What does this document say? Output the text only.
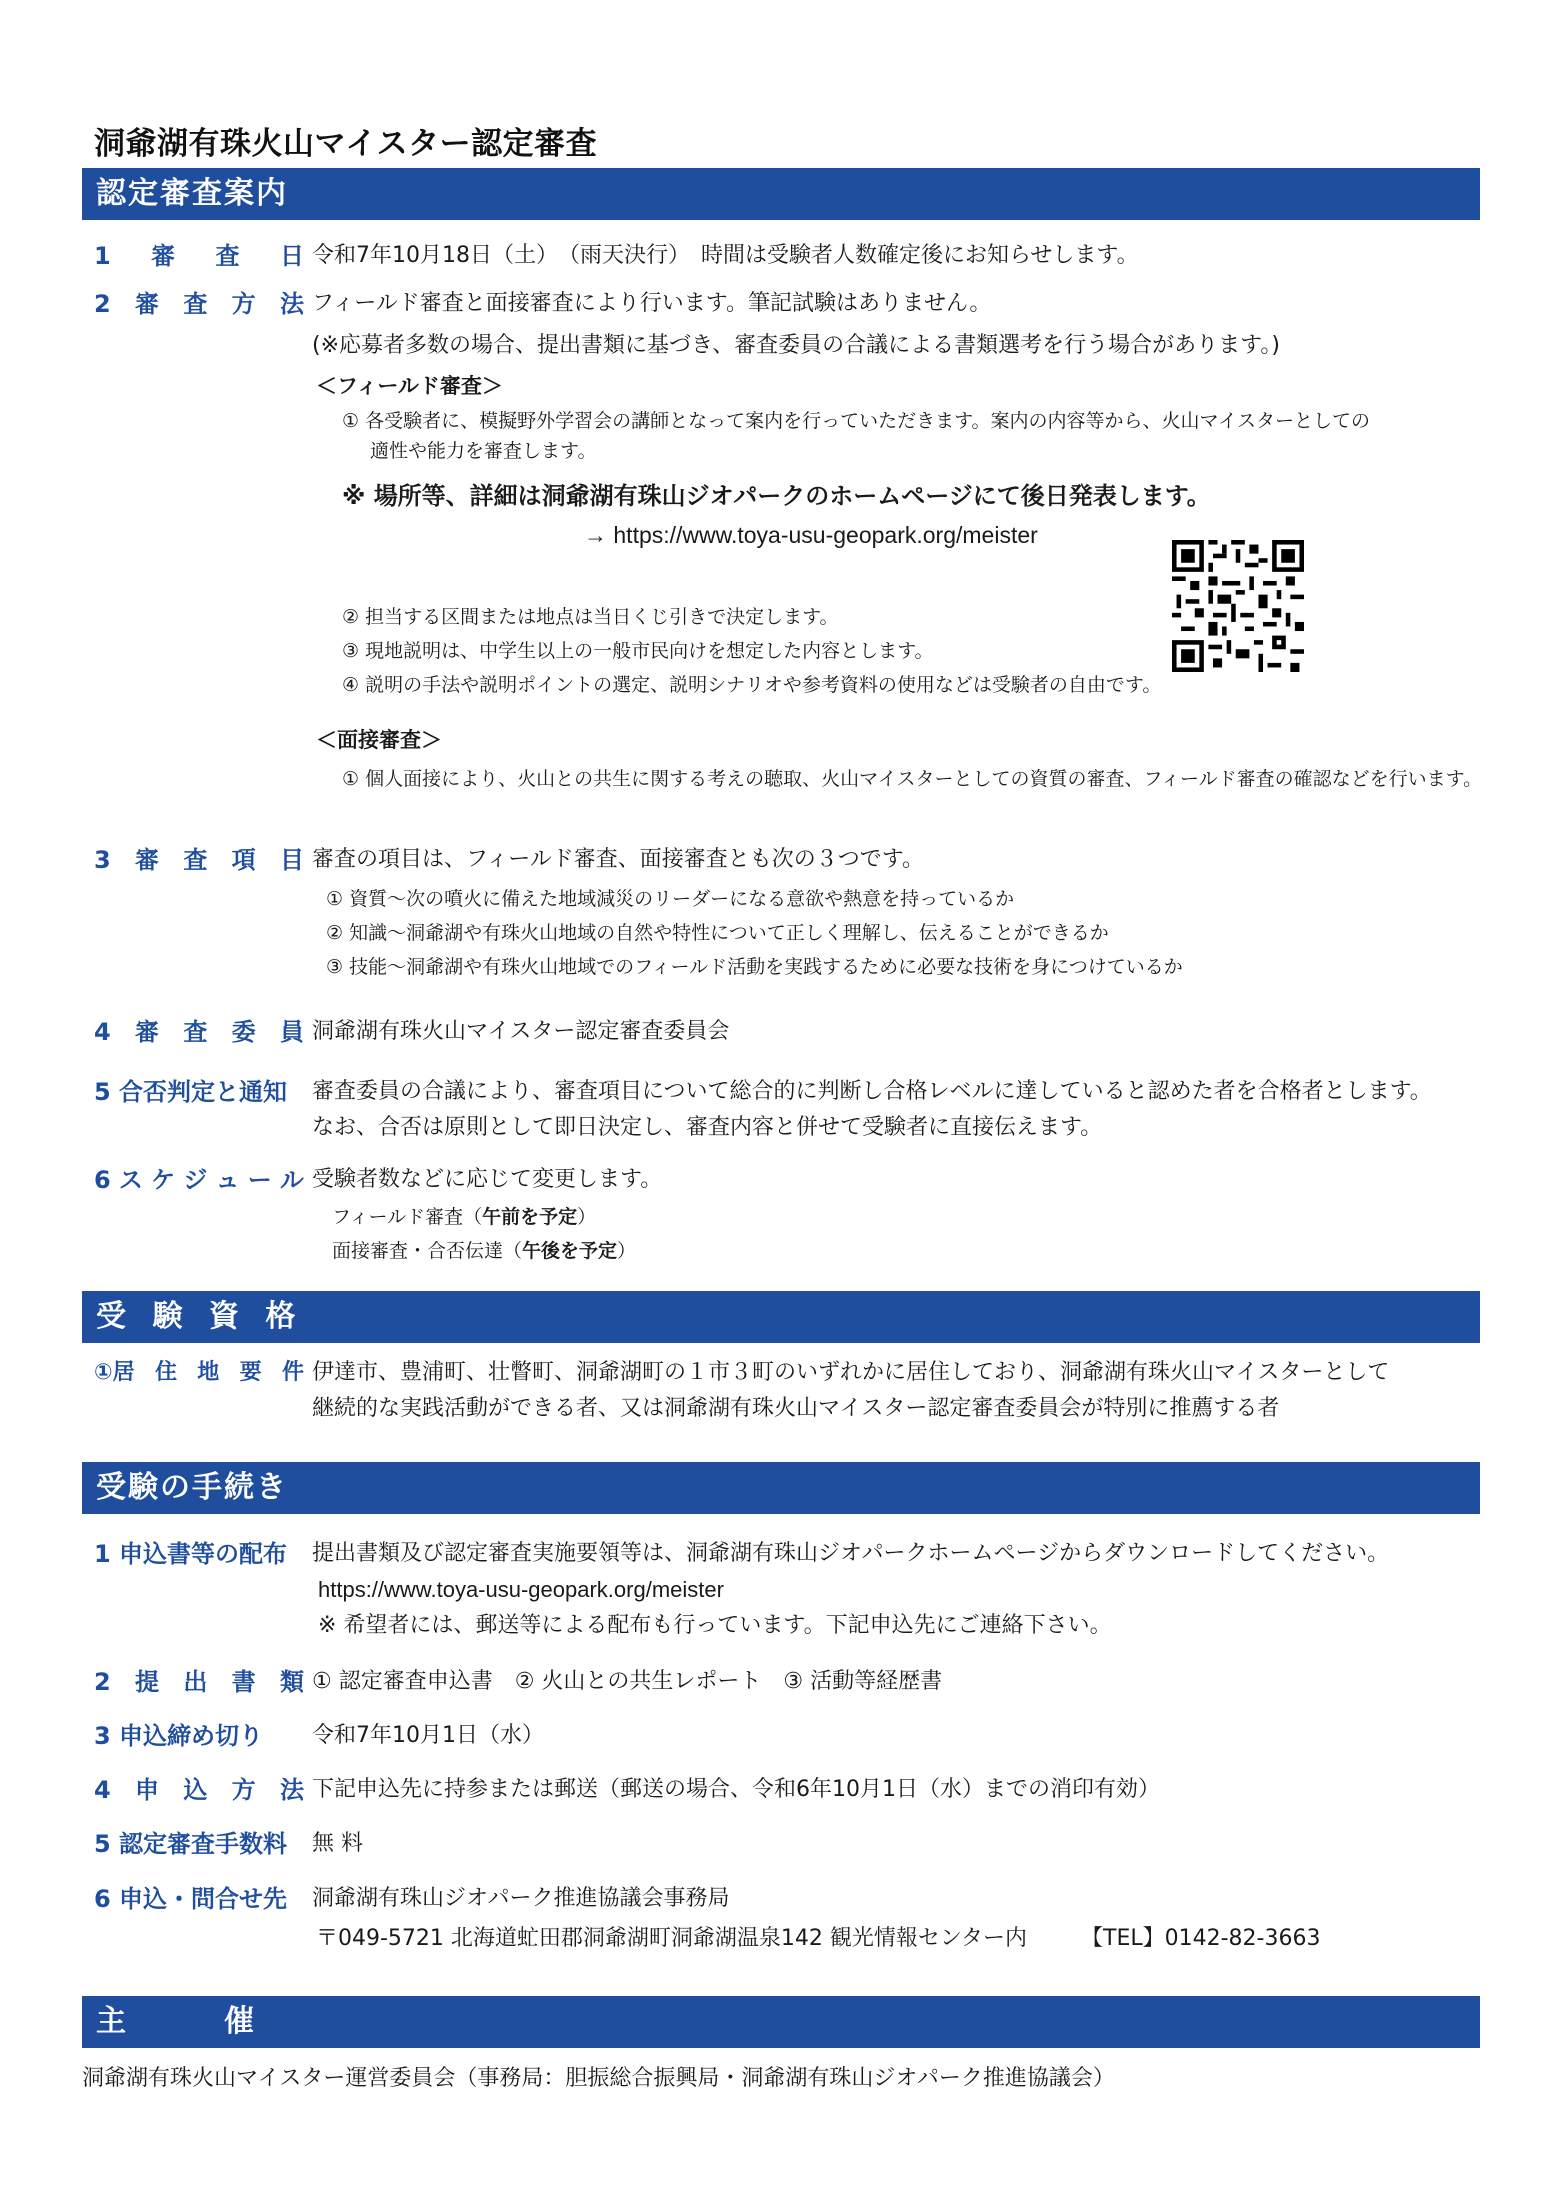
洞爺湖有珠火山マイスター認定審査
認定審査案内
1 審 査 日 令和7年10月18日（土）　（雨天決行）　時間は受験者人数確定後にお知らせします。
2 審 査 方 法 フィールド審査と面接審査により行います。筆記試験はありません。
(※応募者多数の場合、提出書類に基づき、審査委員の合議による書類選考を行う場合があります。)
＜フィールド審査＞
① 各受験者に、模擬野外学習会の講師となって案内を行っていただきます。案内の内容等から、火山マイスターとしての
適性や能力を審査します。
※ 場所等、詳細は洞爺湖有珠山ジオパークのホームページにて後日発表します。
→ https://www.toya-usu-geopark.org/meister
② 担当する区間または地点は当日くじ引きで決定します。
③ 現地説明は、中学生以上の一般市民向けを想定した内容とします。
④ 説明の手法や説明ポイントの選定、説明シナリオや参考資料の使用などは受験者の自由です。
＜面接審査＞
① 個人面接により、火山との共生に関する考えの聴取、火山マイスターとしての資質の審査、フィールド審査の確認などを行います。
3 審 査 項 目 審査の項目は、フィールド審査、面接審査とも次の３つです。
① 資質～次の噴火に備えた地域減災のリーダーになる意欲や熱意を持っているか
② 知識～洞爺湖や有珠火山地域の自然や特性について正しく理解し、伝えることができるか
③ 技能～洞爺湖や有珠火山地域でのフィールド活動を実践するために必要な技術を身につけているか
4 審 査 委 員 洞爺湖有珠火山マイスター認定審査委員会
5 合否判定と通知	審査委員の合議により、審査項目について総合的に判断し合格レベルに達していると認めた者を合格者とします。
なお、合否は原則として即日決定し、審査内容と併せて受験者に直接伝えます。
6 ス ケ ジ ュ ー ル 受験者数などに応じて変更します。
フィールド審査（午前を予定）
面接審査・合否伝達（午後を予定）
受 験 資 格
①居 住 地 要 件 伊達市、豊浦町、壮瞥町、洞爺湖町の１市３町のいずれかに居住しており、洞爺湖有珠火山マイスターとして
継続的な実践活動ができる者、又は洞爺湖有珠火山マイスター認定審査委員会が特別に推薦する者
受験の手続き
1 申込書等の配布	提出書類及び認定審査実施要領等は、洞爺湖有珠山ジオパークホームページからダウンロードしてください。
https://www.toya-usu-geopark.org/meister
※ 希望者には、郵送等による配布も行っています。下記申込先にご連絡下さい。
2 提 出 書 類 ① 認定審査申込書　② 火山との共生レポート　③ 活動等経歴書
3 申込締め切り	令和7年10月1日（水）
4 申 込 方 法 下記申込先に持参または郵送（郵送の場合、令和6年10月1日（水）までの消印有効）
5 認定審査手数料	無 料
6 申込・問合せ先	洞爺湖有珠山ジオパーク推進協議会事務局
〒049-5721 北海道虻田郡洞爺湖町洞爺湖温泉142 観光情報センター内 【TEL】0142-82-3663
主　　　催
洞爺湖有珠火山マイスター運営委員会（事務局：胆振総合振興局・洞爺湖有珠山ジオパーク推進協議会）
